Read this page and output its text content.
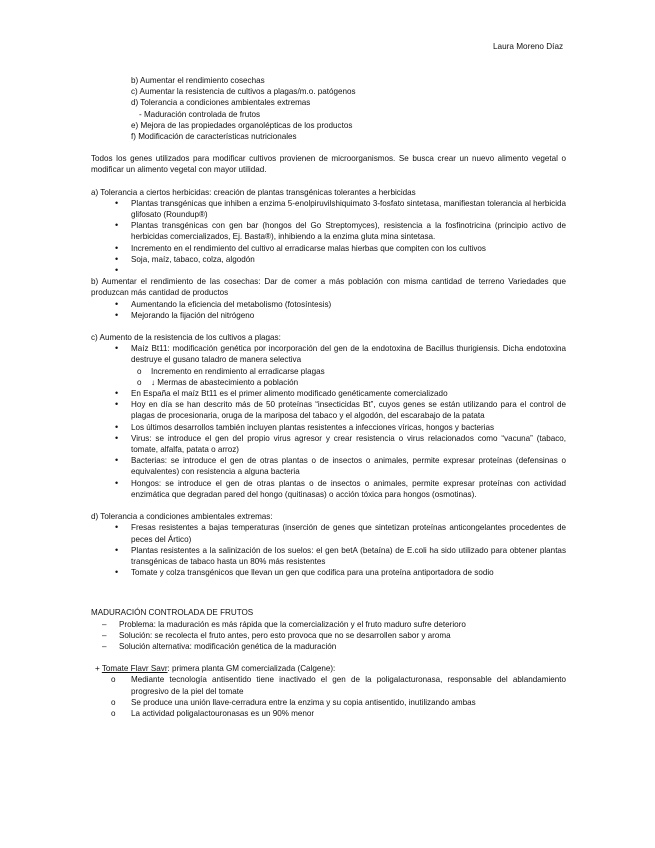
Laura Moreno Díaz

b) Aumentar el rendimiento cosechas

c) Aumentar la resistencia de cultivos a plagas/m.o. patógenos

d) Tolerancia a condiciones ambientales extremas

- Maduración controlada de frutos

e) Mejora de las propiedades organolépticas de los productos

f) Modificación de características nutricionales

Todos los genes utilizados para modificar cultivos provienen de microorganismos. Se busca crear un nuevo alimento vegetal o modificar un alimento vegetal con mayor utilidad.

a) Tolerancia a ciertos herbicidas: creación de plantas transgénicas tolerantes a herbicidas

• Plantas transgénicas que inhiben a enzima 5-enolpiruvilshiquimato 3-fosfato sintetasa, manifiestan tolerancia al herbicida glifosato (Roundup®)
• Plantas transgénicas con gen bar (hongos del Go Streptomyces), resistencia a la fosfinotricina (principio activo de herbicidas comercializados, Ej. Basta®), inhibiendo a la enzima gluta mina sintetasa.
• Incremento en el rendimiento del cultivo al erradicarse malas hierbas que compiten con los cultivos
• Soja, maíz, tabaco, colza, algodón
•

b) Aumentar el rendimiento de las cosechas: Dar de comer a más población con misma cantidad de terreno Variedades que produzcan más cantidad de productos

• Aumentando la eficiencia del metabolismo (fotosíntesis)
• Mejorando la fijación del nitrógeno

c) Aumento de la resistencia de los cultivos a plagas:

• Maíz Bt11: modificación genética por incorporación del gen de la endotoxina de Bacillus thurigiensis. Dicha endotoxina destruye el gusano taladro de manera selectiva
o Incremento en rendimiento al erradicarse plagas
o ↓ Mermas de abastecimiento a población
• En España el maíz Bt11 es el primer alimento modificado genéticamente comercializado
• Hoy en día se han descrito más de 50 proteínas “insecticidas Bt”, cuyos genes se están utilizando para el control de plagas de procesionaria, oruga de la mariposa del tabaco y el algodón, del escarabajo de la patata
• Los últimos desarrollos también incluyen plantas resistentes a infecciones víricas, hongos y bacterias
• Virus: se introduce el gen del propio virus agresor y crear resistencia o virus relacionados como “vacuna” (tabaco, tomate, alfalfa, patata o arroz)
• Bacterias: se introduce el gen de otras plantas o de insectos o animales, permite expresar proteínas (defensinas o equivalentes) con resistencia a alguna bacteria
• Hongos: se introduce el gen de otras plantas o de insectos o animales, permite expresar proteínas con actividad enzimática que degradan pared del hongo (quitinasas) o acción tóxica para hongos (osmotinas).

d) Tolerancia a condiciones ambientales extremas:

• Fresas resistentes a bajas temperaturas (inserción de genes que sintetizan proteínas anticongelantes procedentes de peces del Ártico)
• Plantas resistentes a la salinización de los suelos: el gen betA (betaína) de E.coli ha sido utilizado para obtener plantas transgénicas de tabaco hasta un 80% más resistentes
• Tomate y colza transgénicos que llevan un gen que codifica para una proteína antiportadora de sodio

MADURACIÓN CONTROLADA DE FRUTOS

– Problema: la maduración es más rápida que la comercialización y el fruto maduro sufre deterioro
– Solución: se recolecta el fruto antes, pero esto provoca que no se desarrollen sabor y aroma
– Solución alternativa: modificación genética de la maduración

+ Tomate Flavr Savr: primera planta GM comercializada (Calgene):

o Mediante tecnología antisentido tiene inactivado el gen de la poligalacturonasa, responsable del ablandamiento progresivo de la piel del tomate
o Se produce una unión llave-cerradura entre la enzima y su copia antisentido, inutilizando ambas
o La actividad poligalactouronasas es un 90% menor
